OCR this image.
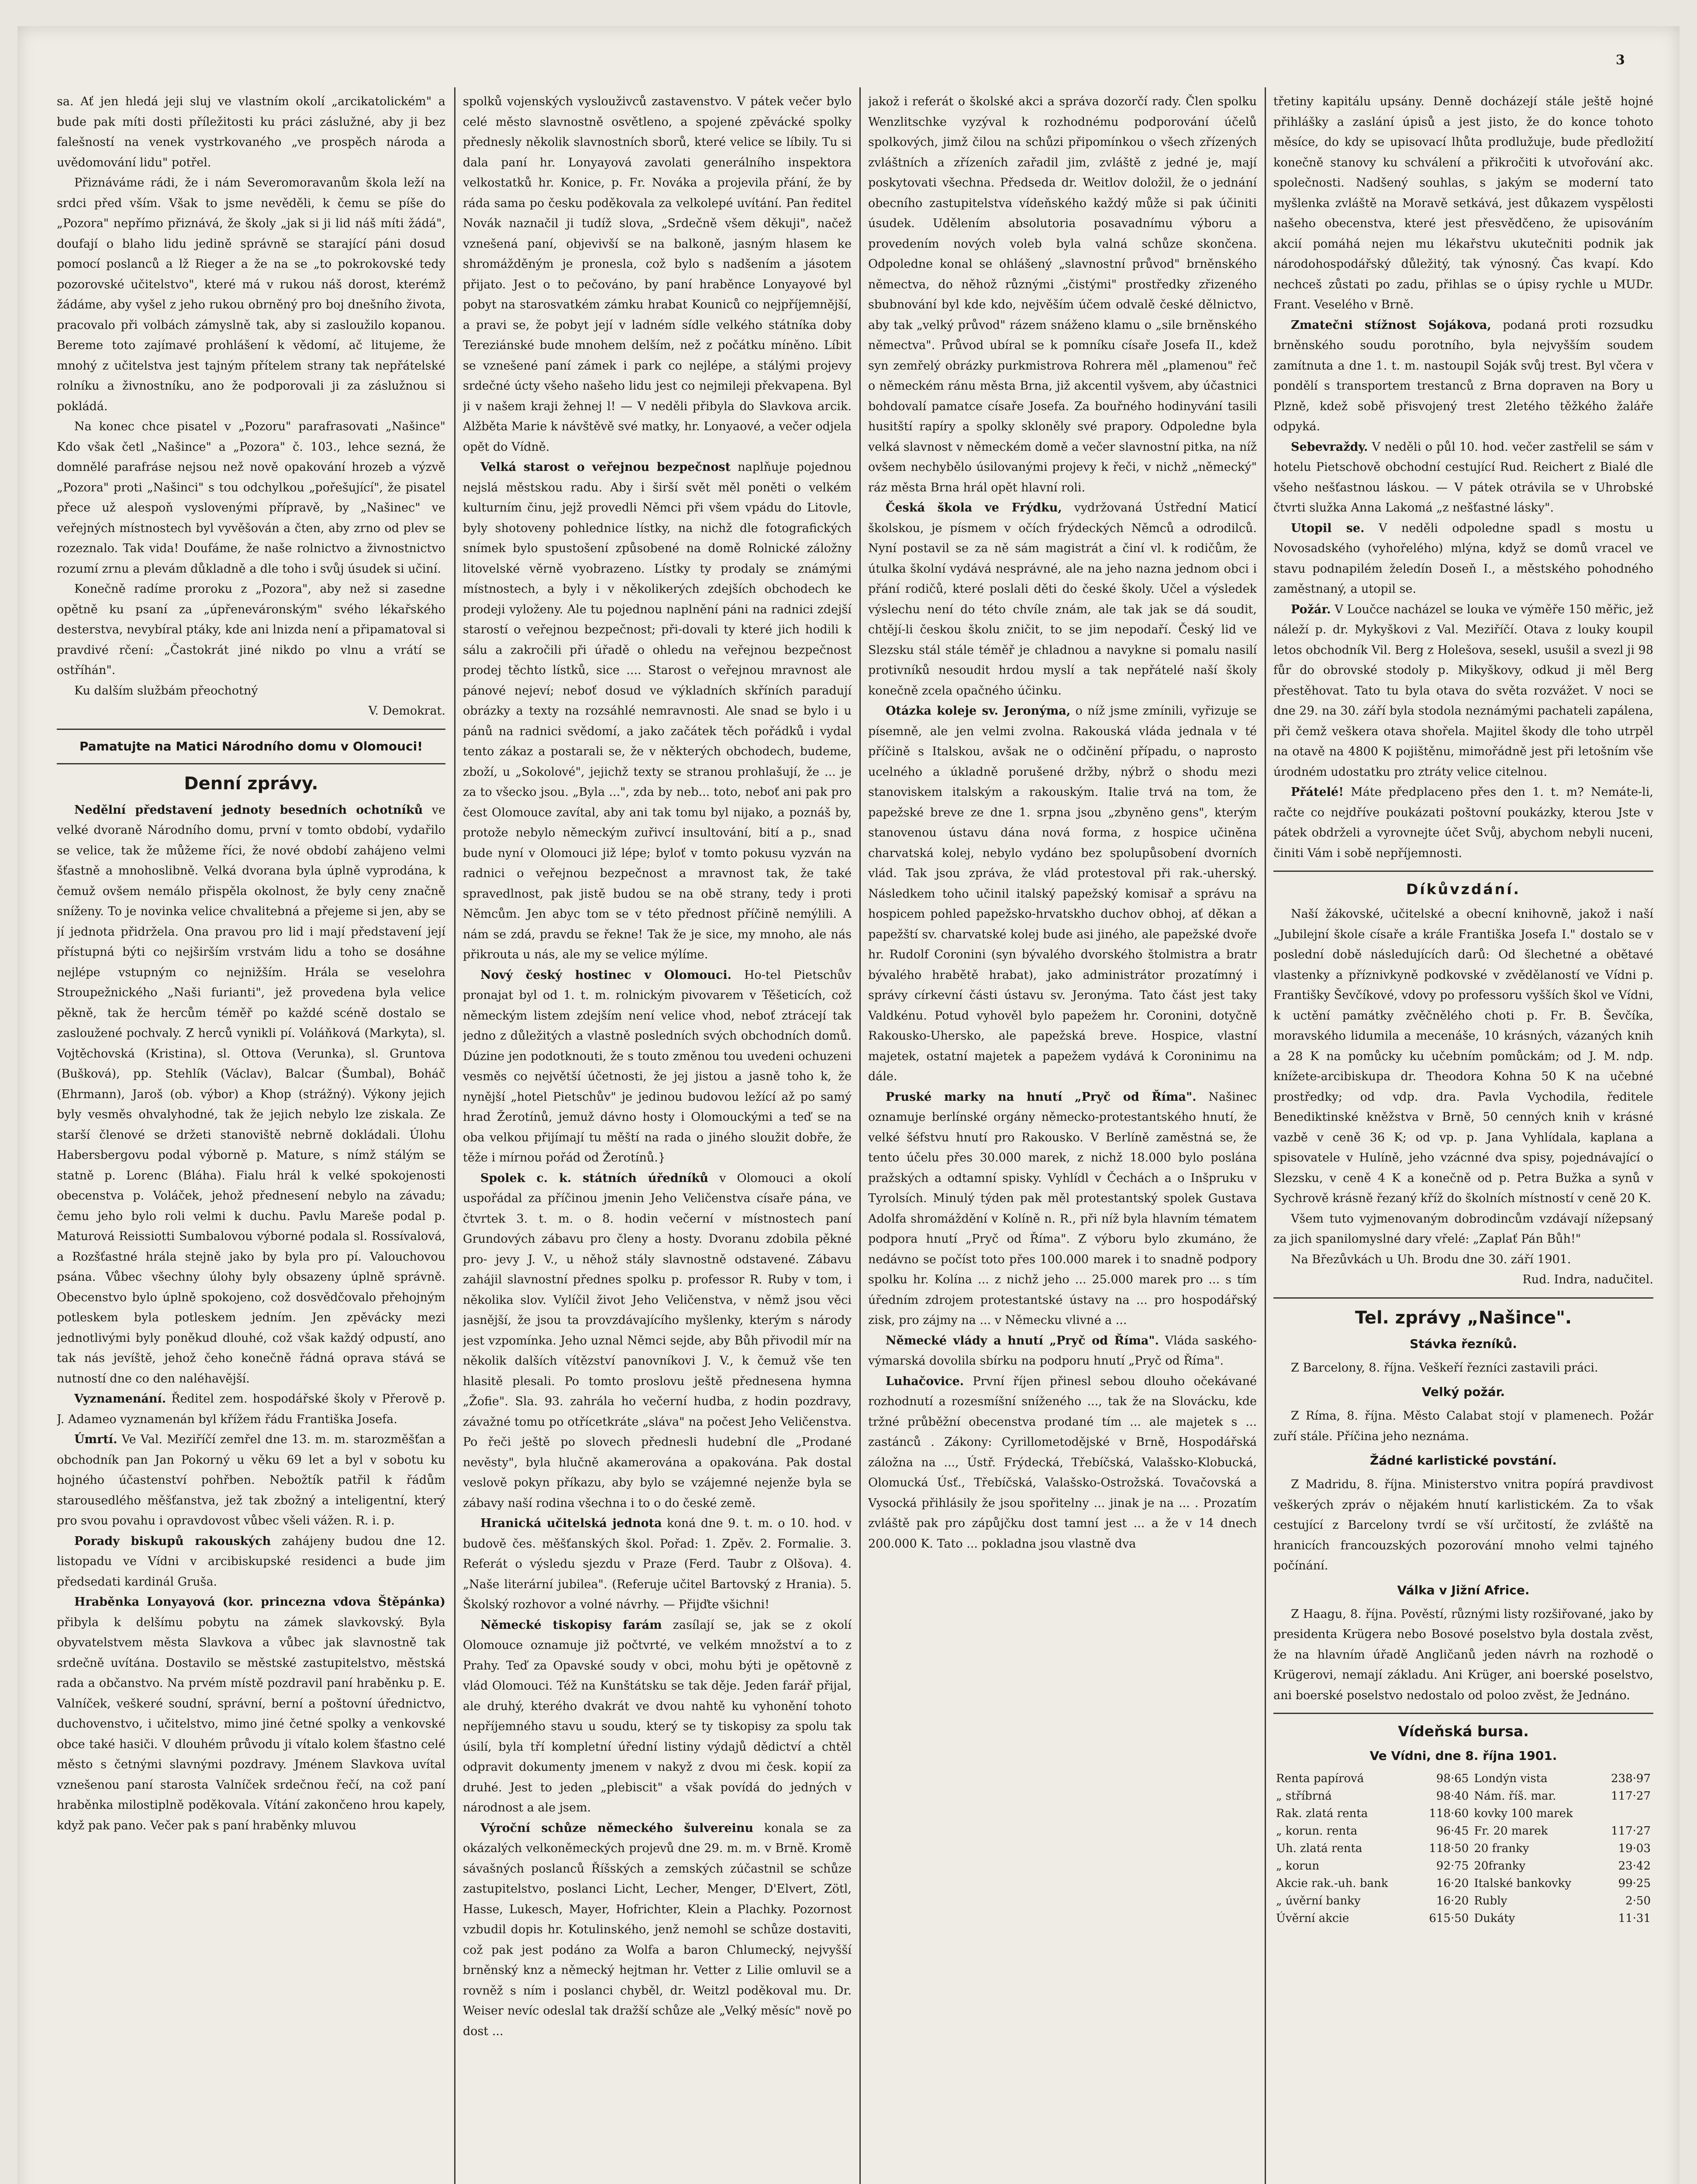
3

sa. Ať jen hledá jeji sluj ve vlastním okolí „arcikatolickém" a bude pak míti dosti příležitosti ku práci záslužné, aby ji bez falešností na venek vystrkovaného „ve prospěch národa a uvědomování lidu" potřel.

Přiznáváme rádi, že i nám Severomoravanům škola leží na srdci před vším. Však to jsme nevěděli, k čemu se píše do „Pozora" nepřímo přiznává, že školy „jak si ji lid náš míti žádá", doufají o blaho lidu jedině správně se starající páni dosud pomocí poslanců a lž Rieger a že na se „to pokrokovské tedy pozorovské učitelstvo", které má v rukou náš dorost, kterémž žádáme, aby vyšel z jeho rukou obrněný pro boj dnešního života, pracovalo při volbách zámyslně tak, aby si zasloužilo kopanou. Bereme toto zajímavé prohlášení k vědomí, ač litujeme, že mnohý z učitelstva jest tajným přítelem strany tak nepřátelské rolníku a živnostníku, ano že podporovali ji za záslužnou si pokládá.

Na konec chce pisatel v „Pozoru" parafrasovati „Našince" Kdo však četl „Našince" a „Pozora" č. 103., lehce sezná, že domnělé parafráse nejsou než nově opakování hrozeb a výzvě „Pozora" proti „Našinci" s tou odchylkou „pořešující", že pisatel přece už alespoň vyslovenými přípravě, by „Našinec" ve veřejných místnostech byl vyvěšován a čten, aby zrno od plev se rozeznalo. Tak vida! Doufáme, že naše rolnictvo a živnostnictvo rozumí zrnu a plevám důkladně a dle toho i svůj úsudek si učiní.

Konečně radíme proroku z „Pozora", aby než si zasedne opětně ku psaní za „úpřeneváronským" svého lékařského desterstva, nevybíral ptáky, kde ani lnizda není a připamatoval si pravdivé rčení: „Častokrát jiné nikdo po vlnu a vrátí se ostříhán".

Ku dalším službám přeochotný

V. Demokrat.

Pamatujte na Matici Národního domu v Olomouci!
Denní zprávy.

Nedělní představení jednoty besedních ochotníků ve velké dvoraně Národního domu, první v tomto období, vydařilo se velice, tak že můžeme říci, že nové období zahájeno velmi šťastně a mnohoslibně. Velká dvorana byla úplně vyprodána, k čemuž ovšem nemálo přispěla okolnost, že byly ceny značně sníženy. To je novinka velice chvalitebná a přejeme si jen, aby se jí jednota přidržela. Ona pravou pro lid i mají představení její přístupná býti co nejširším vrstvám lidu a toho se dosáhne nejlépe vstupným co nejnižším. Hrála se veselohra Stroupežnického „Naši furianti", jež provedena byla velice pěkně, tak že hercům téměř po každé scéně dostalo se zasloužené pochvaly. Z herců vynikli pí. Voláňková (Markyta), sl. Vojtěchovská (Kristina), sl. Ottova (Verunka), sl. Gruntova (Bušková), pp. Stehlík (Václav), Balcar (Šumbal), Boháč (Ehrmann), Jaroš (ob. výbor) a Khop (strážný). Výkony jejich byly vesměs ohvalyhodné, tak že jejich nebylo lze ziskala. Ze starší členové se držeti stanoviště nebrně dokládali. Úlohu Habersbergovu podal výborně p. Mature, s nímž stálým se statně p. Lorenc (Bláha). Fialu hrál k velké spokojenosti obecenstva p. Voláček, jehož přednesení nebylo na závadu; čemu jeho bylo roli velmi k duchu. Pavlu Mareše podal p. Maturová Reissiotti Sumbalovou výborné podala sl. Rossívalová, a Rozšťastné hrála stejně jako by byla pro pí. Valouchovou psána. Vůbec všechny úlohy byly obsazeny úplně správně. Obecenstvo bylo úplně spokojeno, což dosvědčovalo přehojným potleskem byla potleskem jedním. Jen zpěvácky mezi jednotlivými byly poněkud dlouhé, což však každý odpustí, ano tak nás jevíště, jehož čeho konečně řádná oprava stává se nutností dne co den naléhavější.

Vyznamenání. Ředitel zem. hospodářské školy v Přerově p. J. Adameo vyznamenán byl křížem řádu Františka Josefa.

Úmrtí. Ve Val. Meziříčí zemřel dne 13. m. m. starozměšťan a obchodník pan Jan Pokorný u věku 69 let a byl v sobotu ku hojného účastenství pohřben. Nebožtík patřil k řádům starousedlého měšťanstva, jež tak zbožný a inteligentní, který pro svou povahu i opravdovost vůbec všeli vážen. R. i. p.

Porady biskupů rakouských zahájeny budou dne 12. listopadu ve Vídni v arcibiskupské residenci a bude jim předsedati kardinál Gruša.

Hraběnka Lonyayová (kor. princezna vdova Štěpánka) přibyla k delšímu pobytu na zámek slavkovský. Byla obyvatelstvem města Slavkova a vůbec jak slavnostně tak srdečně uvítána. Dostavilo se městské zastupitelstvo, městská rada a občanstvo. Na prvém místě pozdravil paní hraběnku p. E. Valníček, veškeré soudní, správní, berní a poštovní úřednictvo, duchovenstvo, i učitelstvo, mimo jiné četné spolky a venkovské obce také hasiči. V dlouhém průvodu ji vítalo kolem šťastno celé město s četnými slavnými pozdravy. Jménem Slavkova uvítal vznešenou paní starosta Valníček srdečnou řečí, na což paní hraběnka milostiplně poděkovala. Vítání zakončeno hrou kapely, když pak pano. Večer pak s paní hraběnky mluvou

spolků vojenských vyslouživců zastavenstvo. V pátek večer bylo celé město slavnostně osvětleno, a spojené zpěvácké spolky přednesly několik slavnostních sborů, které velice se líbily. Tu si dala paní hr. Lonyayová zavolati generálního inspektora velkostatků hr. Konice, p. Fr. Nováka a projevila přání, že by ráda sama po česku poděkovala za velkolepé uvítání. Pan ředitel Novák naznačil ji tudíž slova, „Srdečně všem děkuji", načež vznešená paní, objevivší se na balkoně, jasným hlasem ke shromážděným je pronesla, což bylo s nadšením a jásotem přijato. Jest o to pečováno, by paní hraběnce Lonyayové byl pobyt na starosvatkém zámku hrabat Kouniců co nejpříjemnější, a pravi se, že pobyt její v ladném sídle velkého státníka doby Tereziánské bude mnohem delším, než z počátku míněno. Líbit se vznešené paní zámek i park co nejlépe, a stálými projevy srdečné úcty všeho našeho lidu jest co nejmileji překvapena. Byl ji v našem kraji žehnej l! — V neděli přibyla do Slavkova arcik. Alžběta Marie k návštěvě své matky, hr. Lonyaové, a večer odjela opět do Vídně.

Velká starost o veřejnou bezpečnost naplňuje pojednou nejslá městskou radu. Aby i širší svět měl poněti o velkém kulturním činu, jejž provedli Němci při všem vpádu do Litovle, byly shotoveny pohlednice lístky, na nichž dle fotografických snímek bylo spustošení způsobené na domě Rolnické záložny litovelské věrně vyobrazeno. Lístky ty prodaly se známými místnostech, a byly i v několikerých zdejších obchodech ke prodeji vyloženy. Ale tu pojednou naplnění páni na radnici zdejší starostí o veřejnou bezpečnost; při-dovali ty které jich hodili k sálu a zakročili při úřadě o ohledu na veřejnou bezpečnost prodej těchto lístků, sice .... Starost o veřejnou mravnost ale pánové nejeví; neboť dosud ve výkladních skříních paradují obrázky a texty na rozsáhlé nemravnosti. Ale snad se bylo i u pánů na radnici svědomí, a jako začátek těch pořádků i vydal tento zákaz a postarali se, že v některých obchodech, budeme, zboží, u „Sokolové", jejichž texty se stranou prohlašují, že ... je za to všecko jsou. „Byla ...", zda by neb... toto, neboť ani pak pro čest Olomouce zavítal, aby ani tak tomu byl nijako, a poznáš by, protože nebylo německým zuřivcí insultování, bití a p., snad bude nyní v Olomouci již lépe; byloť v tomto pokusu vyzván na radnici o veřejnou bezpečnost a mravnost tak, že také spravedlnost, pak jistě budou se na obě strany, tedy i proti Němcům. Jen abyc tom se v této přednost příčině nemýlili. A nám se zdá, pravdu se řekne! Tak že je sice, my mnoho, ale nás přikrouta u nás, ale my se velice mýlíme.

Nový český hostinec v Olomouci. Ho-tel Pietschův pronajat byl od 1. t. m. rolnickým pivovarem v Těšeticích, což německým listem zdejším není velice vhod, neboť ztrácejí tak jedno z důležitých a vlastně posledních svých obchodních domů. Dúzine jen podotknouti, že s touto změnou tou uvedeni ochuzeni vesměs co největší účetnosti, že jej jistou a jasně toho k, že nynější „hotel Pietschův" je jedinou budovou ležící až po samý hrad Žerotínů, jemuž dávno hosty i Olomouckými a teď se na oba velkou přijímají tu měští na rada o jiného sloužit dobře, že těže i mírnou pořád od Žerotínů.}

Spolek c. k. státních úředníků v Olomouci a okolí uspořádal za příčinou jmenin Jeho Veličenstva císaře pána, ve čtvrtek 3. t. m. o 8. hodin večerní v místnostech paní Grundových zábavu pro členy a hosty. Dvoranu zdobila pěkné pro- jevy J. V., u něhož stály slavnostně odstavené. Zábavu zahájil slavnostní přednes spolku p. professor R. Ruby v tom, i několika slov. Vylíčil život Jeho Veličenstva, v němž jsou věci jasnější, že jsou ta provzdávajícího myšlenky, kterým s národy jest vzpomínka. Jeho uznal Němci sejde, aby Bůh přivodil mír na několik dalších vítězství panovníkovi J. V., k čemuž vše ten hlasitě plesali. Po tomto proslovu ještě přednesena hymna „Žofie". Sla. 93. zahrála ho večerní hudba, z hodin pozdravy, závažné tomu po otřícetkráte „sláva" na počest Jeho Veličenstva. Po řeči ještě po slovech přednesli hudební dle „Prodané nevěsty", byla hlučně akamerována a opakována. Pak dostal veslově pokyn příkazu, aby bylo se vzájemné nejenže byla se zábavy naší rodina všechna i to o do české země.

Hranická učitelská jednota koná dne 9. t. m. o 10. hod. v budově čes. měšťanských škol. Pořad: 1. Zpěv. 2. Formalie. 3. Referát o výsledu sjezdu v Praze (Ferd. Taubr z Olšova). 4. „Naše literární jubilea". (Referuje učitel Bartovský z Hrania). 5. Školský rozhovor a volné návrhy. — Přijďte všichni!

Německé tiskopisy farám zasílají se, jak se z okolí Olomouce oznamuje již počtvrté, ve velkém množství a to z Prahy. Teď za Opavské soudy v obci, mohu býti je opětovně z vlád Olomouci. Též na Kunštátsku se tak děje. Jeden farář přijal, ale druhý, kterého dvakrát ve dvou nahtě ku vyhonění tohoto nepříjemného stavu u soudu, který se ty tiskopisy za spolu tak úsilí, byla tří kompletní úřední listiny výdajů dědictví a chtěl odpravit dokumenty jmenem v nakyž z dvou mi česk. kopií za druhé. Jest to jeden „plebiscit" a však povídá do jedných v národnost a ale jsem.

Výroční schůze německého šulvereinu konala se za okázalých velkoněmeckých projevů dne 29. m. m. v Brně. Kromě sávašných poslanců Říšských a zemských zúčastnil se schůze zastupitelstvo, poslanci Licht, Lecher, Menger, D'Elvert, Zötl, Hasse, Lukesch, Mayer, Hofrichter, Klein a Plachky. Pozornost vzbudil dopis hr. Kotulinského, jenž nemohl se schůze dostaviti, což pak jest podáno za Wolfa a baron Chlumecký, nejvyšší brněnský knz a německý hejtman hr. Vetter z Lilie omluvil se a rovněž s ním i poslanci chyběl, dr. Weitzl poděkoval mu. Dr. Weiser nevíc odeslal tak dražší schůze ale „Velký měsíc" nově po dost ...

jakož i referát o školské akci a správa dozorčí rady. Člen spolku Wenzlitschke vyzýval k rozhodnému podporování účelů spolkových, jimž čilou na schůzi připomínkou o všech zřízených zvláštních a zřízeních zařadil jim, zvláště z jedné je, mají poskytovati všechna. Předseda dr. Weitlov doložil, že o jednání obecního zastupitelstva vídeňského každý může si pak účiniti úsudek. Udělením absolutoria posavadnímu výboru a provedením nových voleb byla valná schůze skončena. Odpoledne konal se ohlášený „slavnostní průvod" brněnského němectva, do něhož různými „čistými" prostředky zřizeného sbubnování byl kde kdo, nejvěším účem odvalě české dělnictvo, aby tak „velký průvod" rázem snáženo klamu o „sile brněnského němectva". Průvod ubíral se k pomníku císaře Josefa II., kdež syn zemřelý obrázky purkmistrova Rohrera měl „plamenou" řeč o německém ránu města Brna, již akcentil vyšvem, aby účastnici bohdovalí pamatce císaře Josefa. Za bouřného hodinyvání tasili husitští rapíry a spolky skloněly své prapory. Odpoledne byla velká slavnost v německém domě a večer slavnostní pitka, na níž ovšem nechybělo úsilovanými projevy k řeči, v nichž „německý" ráz města Brna hrál opět hlavní roli.

Česká škola ve Frýdku, vydržovaná Ústřední Maticí školskou, je písmem v očích frýdeckých Němců a odrodilců. Nyní postavil se za ně sám magistrát a činí vl. k rodičům, že útulka školní vydává nesprávné, ale na jeho nazna jednom obci i přání rodičů, které poslali děti do české školy. Učel a výsledek výslechu není do této chvíle znám, ale tak jak se dá soudit, chtějí-li českou školu zničit, to se jim nepodaří. Český lid ve Slezsku stál stále téměř je chladnou a navykne si pomalu nasilí protivníků nesoudit hrdou myslí a tak nepřátelé naší školy konečně zcela opačného účinku.

Otázka koleje sv. Jeronýma, o níž jsme zmínili, vyřizuje se písemně, ale jen velmi zvolna. Rakouská vláda jednala v té příčině s Italskou, avšak ne o odčinění případu, o naprosto ucelného a úkladně porušené držby, nýbrž o shodu mezi stanoviskem italským a rakouským. Italie trvá na tom, že papežské breve ze dne 1. srpna jsou „zbyněno gens", kterým stanovenou ústavu dána nová forma, z hospice učiněna charvatská kolej, nebylo vydáno bez spolupůsobení dvorních vlád. Tak jsou zpráva, že vlád protestoval při rak.-uherský. Následkem toho učinil italský papežský komisař a správu na hospicem pohled papežsko-hrvatskho duchov obhoj, ať děkan a papežští sv. charvatské kolej bude asi jiného, ale papežské dvoře hr. Rudolf Coronini (syn bývalého dvorského štolmistra a bratr bývalého hrabětě hrabat), jako administrátor prozatímný i správy církevní části ústavu sv. Jeronýma. Tato část jest taky Valdkénu. Potud vyhověl bylo papežem hr. Coronini, dotyčně Rakousko-Uhersko, ale papežská breve. Hospice, vlastní majetek, ostatní majetek a papežem vydává k Coroninimu na dále.

Pruské marky na hnutí „Pryč od Říma". Našinec oznamuje berlínské orgány německo-protestantského hnutí, že velké šéfstvu hnutí pro Rakousko. V Berlíně zaměstná se, že tento účelu přes 30.000 marek, z nichž 18.000 bylo poslána pražských a odtamní spisky. Vyhlídl v Čechách a o Inšpruku v Tyrolsích. Minulý týden pak měl protestantský spolek Gustava Adolfa shromáždění v Kolíně n. R., při níž byla hlavním tématem podpora hnutí „Pryč od Říma". Z výboru bylo zkumáno, že nedávno se počíst toto přes 100.000 marek i to snadně podpory spolku hr. Kolína ... z nichž jeho ... 25.000 marek pro ... s tím úředním zdrojem protestantské ústavy na ... pro hospodářský zisk, pro zájmy na ... v Německu vlivné a ...

Německé vlády a hnutí „Pryč od Říma". Vláda saského-výmarská dovolila sbírku na podporu hnutí „Pryč od Říma".

Luhačovice. První říjen přinesl sebou dlouho očekávané rozhodnutí a rozesmíšní sníženého ..., tak že na Slovácku, kde tržné průběžní obecenstva prodané tím ... ale majetek s ... zastánců . Zákony: Cyrillometodějské v Brně, Hospodářská záložna na ..., Ústř. Frýdecká, Třebíčská, Valašsko-Klobucká, Olomucká Úsť., Třebíčská, Valašsko-Ostrožská. Tovačovská a Vysocká přihlásily že jsou spořitelny ... jinak je na ... . Prozatím zvláště pak pro zápůjčku dost tamní jest ... a že v 14 dnech 200.000 K. Tato ... pokladna jsou vlastně dva

třetiny kapitálu upsány. Denně docházejí stále ještě hojné přihlášky a zaslání úpisů a jest jisto, že do konce tohoto měsíce, do kdy se upisovací lhůta prodlužuje, bude předložití konečně stanovy ku schválení a přikročiti k utvořování akc. společnosti. Nadšený souhlas, s jakým se moderní tato myšlenka zvláště na Moravě setkává, jest důkazem vyspělosti našeho obecenstva, které jest přesvědčeno, že upisováním akcií pomáhá nejen mu lékařstvu ukutečniti podnik jak národohospodářský důležitý, tak výnosný. Čas kvapí. Kdo nechceš zůstati po zadu, přihlas se o úpisy rychle u MUDr. Frant. Veselého v Brně.

Zmatečni stížnost Sojákova, podaná proti rozsudku brněnského soudu porotního, byla nejvyšším soudem zamítnuta a dne 1. t. m. nastoupil Soják svůj trest. Byl včera v pondělí s transportem trestanců z Brna dopraven na Bory u Plzně, kdež sobě přisvojený trest 2letého těžkého žaláře odpyká.

Sebevraždy. V neděli o půl 10. hod. večer zastřelil se sám v hotelu Pietschově obchodní cestující Rud. Reichert z Bialé dle všeho nešťastnou láskou. — V pátek otrávila se v Uhrobské čtvrti služka Anna Lakomá „z nešťastné lásky".

Utopil se. V neděli odpoledne spadl s mostu u Novosadského (vyhořelého) mlýna, když se domů vracel ve stavu podnapilém želedín Doseň I., a městského pohodného zaměstnaný, a utopil se.

Požár. V Loučce nacházel se louka ve výměře 150 měřic, jež náleží p. dr. Mykyškovi z Val. Meziříčí. Otava z louky koupil letos obchodník Vil. Berg z Holešova, sesekl, usušil a svezl ji 98 fůr do obrovské stodoly p. Mikyškovy, odkud ji měl Berg přestěhovat. Tato tu byla otava do světa rozvážet. V noci se dne 29. na 30. září byla stodola neznámými pachateli zapálena, při čemž veškera otava shořela. Majitel škody dle toho utrpěl na otavě na 4800 K pojištěnu, mimořádně jest při letošním vše úrodném udostatku pro ztráty velice citelnou.

Přátelé! Máte předplaceno přes den 1. t. m? Nemáte-li, račte co nejdříve poukázati poštovní poukázky, kterou Jste v pátek obdrželi a vyrovnejte účet Svůj, abychom nebyli nuceni, činiti Vám i sobě nepříjemnosti.

Díkůvzdání.

Naší žákovské, učitelské a obecní knihovně, jakož i naší „Jubilejní škole císaře a krále Františka Josefa I." dostalo se v poslední době následujících darů: Od šlechetné a obětavé vlastenky a příznivkyně podkovské v zvědělaností ve Vídni p. Františky Ševčíkové, vdovy po professoru vyšších škol ve Vídni, k uctění památky zvěčnělého choti p. Fr. B. Ševčíka, moravského lidumila a mecenáše, 10 krásných, vázaných knih a 28 K na pomůcky ku učebním pomůckám; od J. M. ndp. knížete-arcibiskupa dr. Theodora Kohna 50 K na učebné prostředky; od vdp. dra. Pavla Vychodila, ředitele Benediktinské kněžstva v Brně, 50 cenných knih v krásné vazbě v ceně 36 K; od vp. p. Jana Vyhlídala, kaplana a spisovatele v Hulíně, jeho vzácnné dva spisy, pojednávající o Slezsku, v ceně 4 K a konečně od p. Petra Bužka a synů v Sychrově krásně řezaný kříž do školních místností v ceně 20 K.

Všem tuto vyjmenovaným dobrodincům vzdávají nížepsaný za jich spanilomyslné dary vřelé: „Zaplať Pán Bůh!"

Na Březůvkách u Uh. Brodu dne 30. září 1901.

Rud. Indra, nadučitel.

Tel. zprávy „Našince".
Stávka řezníků.

Z Barcelony, 8. října. Veškeří řezníci zastavili práci.

Velký požár.

Z Ríma, 8. října. Město Calabat stojí v plamenech. Požár zuří stále. Příčina jeho neznáma.

Žádné karlistické povstání.

Z Madridu, 8. října. Ministerstvo vnitra popírá pravdivost veškerých zpráv o nějakém hnutí karlistickém. Za to však cestující z Barcelony tvrdí se vší určitostí, že zvláště na hranicích francouzských pozorování mnoho velmi tajného počínání.

Válka v Jižní Africe.

Z Haagu, 8. října. Pověstí, různými listy rozšiřované, jako by presidenta Krügera nebo Bosové poselstvo byla dostala zvěst, že na hlavním úřadě Angličanů jeden návrh na rozhodě o Krügerovi, nemají základu. Ani Krüger, ani boerské poselstvo, ani boerské poselstvo nedostalo od poloo zvěst, že Jednáno.

Vídeňská bursa.
Ve Vídni, dne 8. října 1901.
Renta papírová	98·65	Londýn vista	238·97
„ stříbrná	98·40	Nám. říš. mar.	117·27
Rak. zlatá renta	118·60	kovky 100 marek	
„ korun. renta	96·45	Fr. 20 marek	117·27
Uh. zlatá renta	118·50	20 franky	19·03
„ korun	92·75	20franky	23·42
Akcie rak.-uh. bank	16·20	Italské bankovky	99·25
„ úvěrní banky	16·20	Rubly	2·50
Úvěrní akcie	615·50	Dukáty	11·31
